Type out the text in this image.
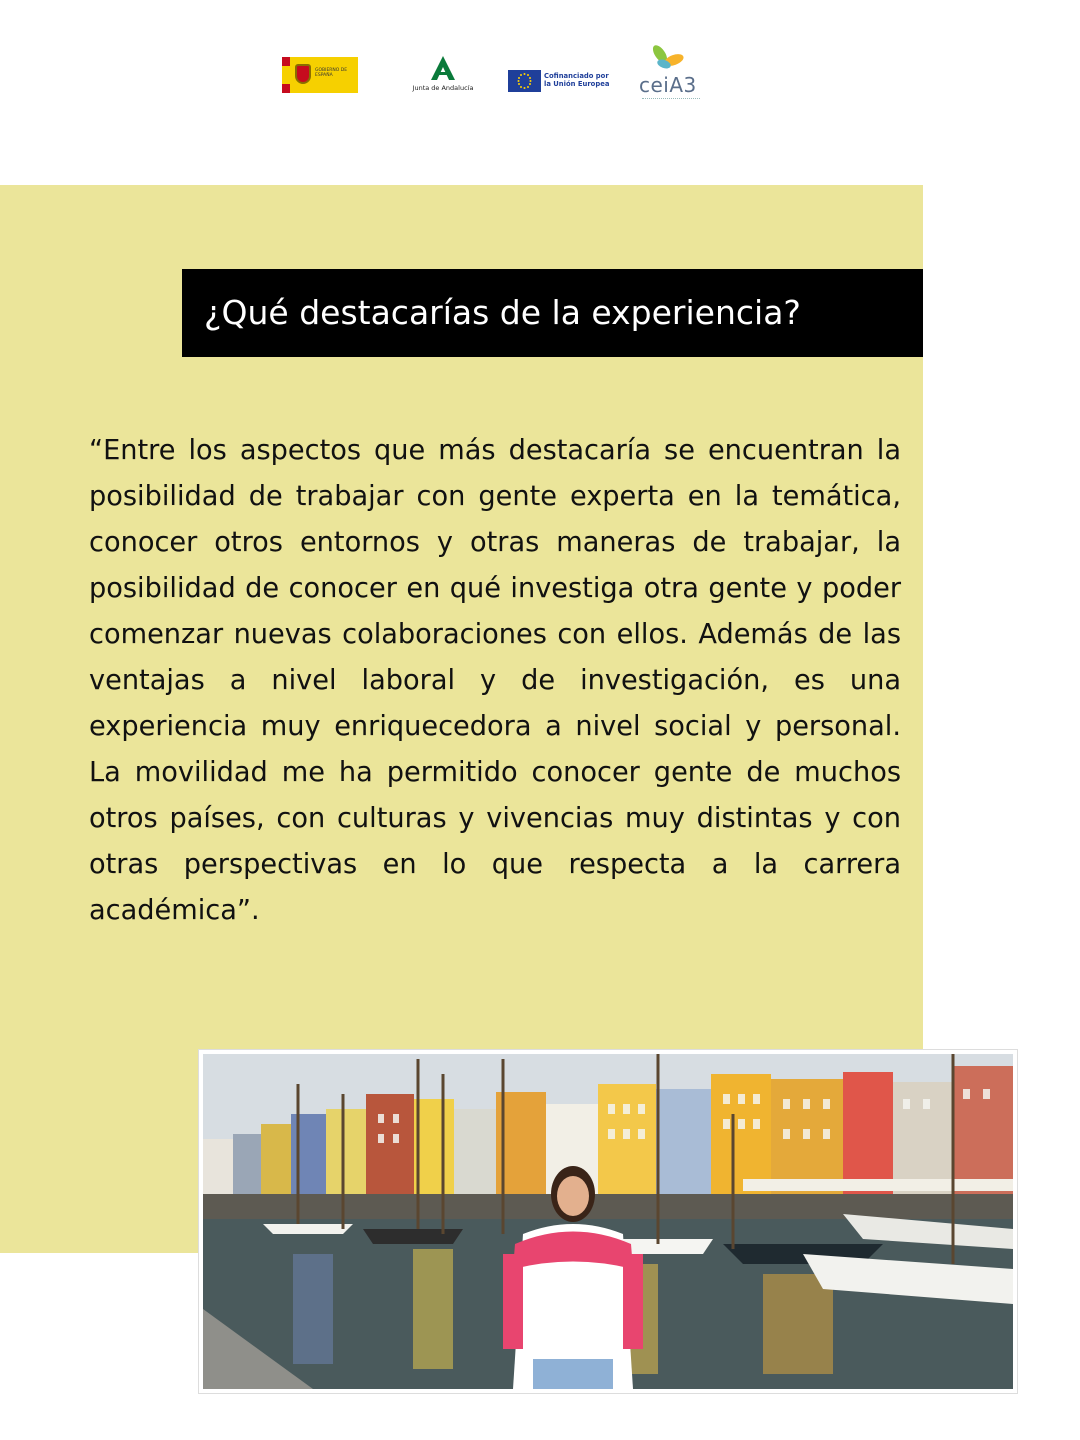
GOBIERNO DE ESPAÑA
Junta de Andalucía
Cofinanciado por
la Unión Europea ceiA3
¿Qué destacarías de la experiencia?

“Entre los aspectos que más destacaría se encuentran la posibilidad de trabajar con gente experta en la temática, conocer otros entornos y otras maneras de trabajar, la posibilidad de conocer en qué investiga otra gente y poder comenzar nuevas colaboraciones con ellos. Además de las ventajas a nivel laboral y de investigación, es una experiencia muy enriquecedora a nivel social y personal. La movilidad me ha permitido conocer gente de muchos otros países, con culturas y vivencias muy distintas y con otras perspectivas en lo que respecta a la carrera académica”.
